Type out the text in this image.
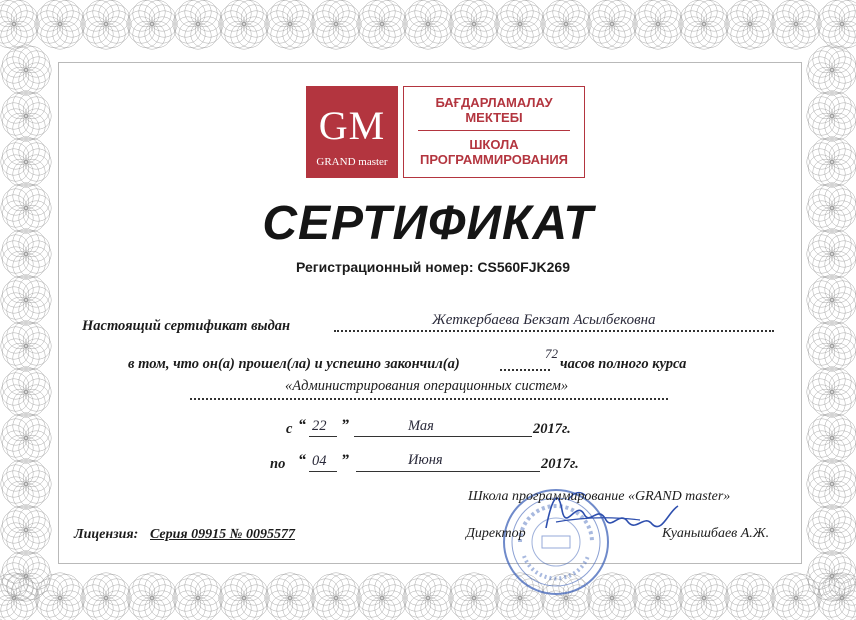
GM
GRAND master
БАҒДАРЛАМАЛАУ
МЕКТЕБІ
ШКОЛА
ПРОГРАММИРОВАНИЯ
СЕРТИФИКАТ
Регистрационный номер: CS560FJK269
Настоящий сертификат выдан	Жеткербаева Бекзат Асылбековна
в том, что он(а) прошел(ла) и успешно закончил(а)
72
часов полного курса
«Администрирования операционных систем»
с “ 22 ”	Мая	2017г.
по “ 04 ”	Июня	2017г.
Школа программирование «GRAND master»
Директор	Куанышбаев А.Ж.
Лицензия: Серия 09915 № 0095577
